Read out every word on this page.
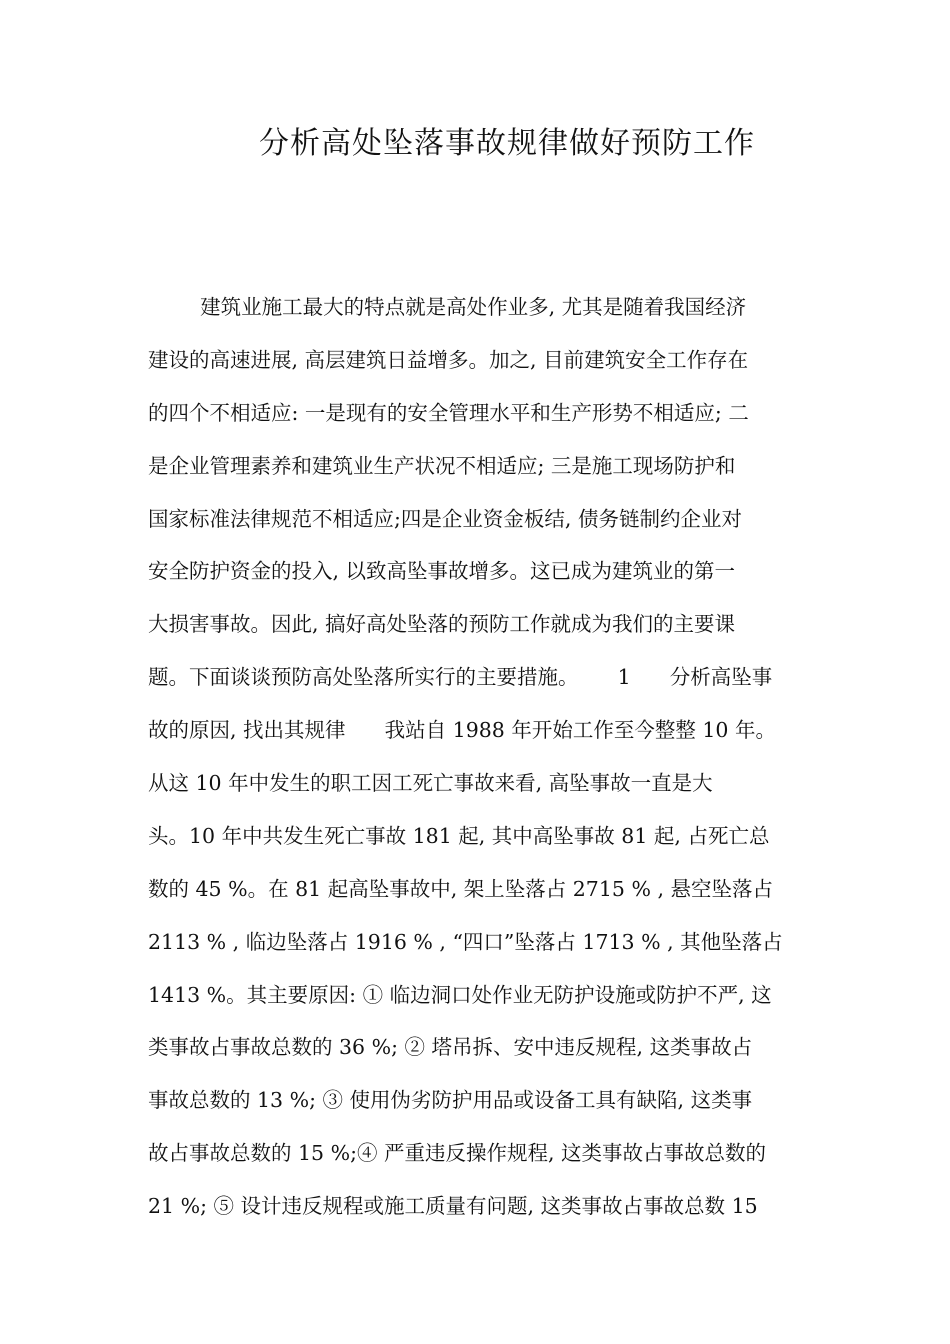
分析高处坠落事故规律做好预防工作

建筑业施工最大的特点就是高处作业多, 尤其是随着我国经济

建设的高速进展, 高层建筑日益增多。加之, 目前建筑安全工作存在

的四个不相适应: 一是现有的安全管理水平和生产形势不相适应; 二

是企业管理素养和建筑业生产状况不相适应; 三是施工现场防护和

国家标准法律规范不相适应;四是企业资金板结, 债务链制约企业对

安全防护资金的投入, 以致高坠事故增多。这已成为建筑业的第一

大损害事故。因此, 搞好高处坠落的预防工作就成为我们的主要课

题。下面谈谈预防高处坠落所实行的主要措施。      1      分析高坠事

故的原因, 找出其规律      我站自 1988 年开始工作至今整整 10 年。

从这 10 年中发生的职工因工死亡事故来看, 高坠事故一直是大

头。10 年中共发生死亡事故 181 起, 其中高坠事故 81 起, 占死亡总

数的 45 %。在 81 起高坠事故中, 架上坠落占 2715 % , 悬空坠落占

2113 % , 临边坠落占 1916 % , “四口”坠落占 1713 % , 其他坠落占

1413 %。其主要原因: ① 临边洞口处作业无防护设施或防护不严, 这

类事故占事故总数的 36 %; ② 塔吊拆、安中违反规程, 这类事故占

事故总数的 13 %; ③ 使用伪劣防护用品或设备工具有缺陷, 这类事

故占事故总数的 15 %;④ 严重违反操作规程, 这类事故占事故总数的

21 %; ⑤ 设计违反规程或施工质量有问题, 这类事故占事故总数 15
